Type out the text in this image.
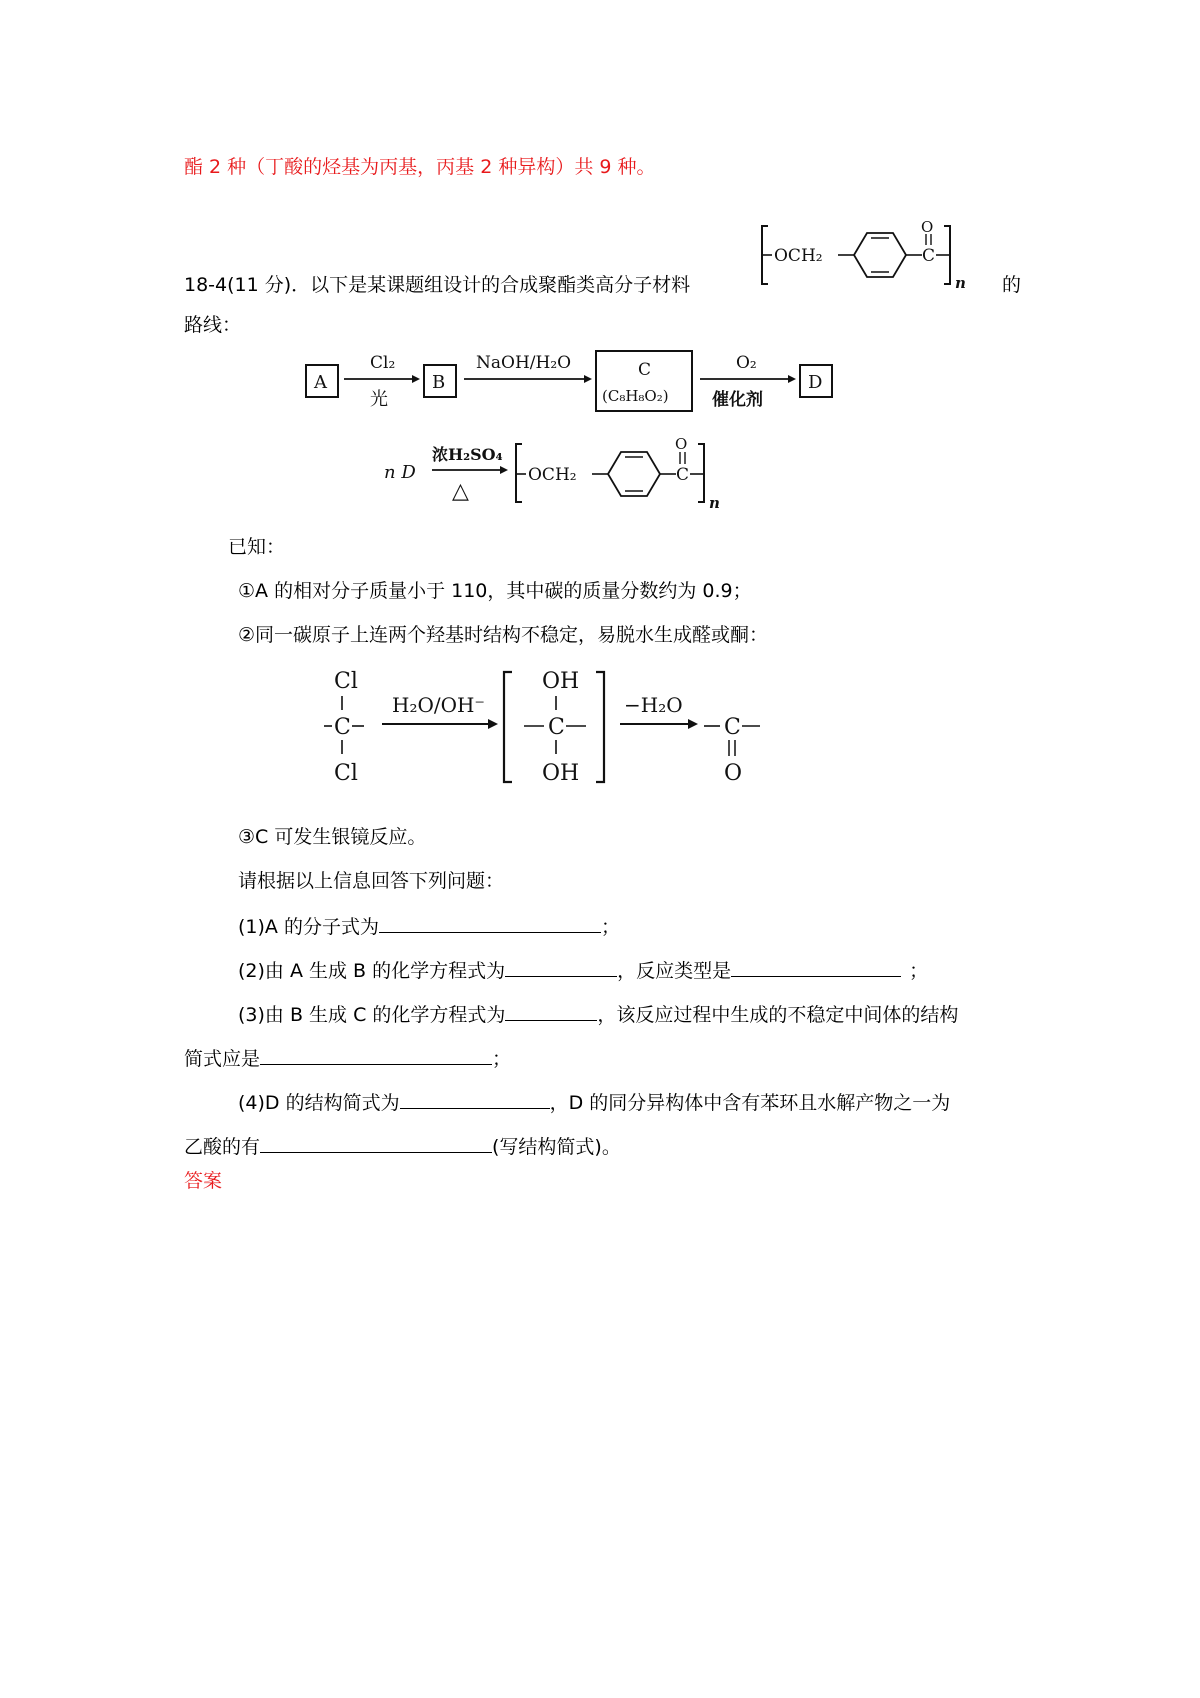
酯 2 种（丁酸的烃基为丙基，丙基 2 种异构）共 9 种。
18-4(11 分)．以下是某课题组设计的合成聚酯类高分子材料	的
路线：
OCH₂	C
O
n
A
Cl₂
光
B
NaOH/H₂O	C
(C₈H₈O₂)
O₂
催化剂
D
n D
浓H₂SO₄
△
OCH₂	C
O
n
已知：
①A 的相对分子质量小于 110，其中碳的质量分数约为 0.9；
②同一碳原子上连两个羟基时结构不稳定，易脱水生成醛或酮：
Cl
C
Cl
H₂O/OH⁻
OH
C
OH
−H₂O
C
O
③C 可发生银镜反应。
请根据以上信息回答下列问题：
(1)A 的分子式为	；
(2)由 A 生成 B 的化学方程式为	，反应类型是	；
(3)由 B 生成 C 的化学方程式为	，该反应过程中生成的不稳定中间体的结构
简式应是	；
(4)D 的结构简式为	，D 的同分异构体中含有苯环且水解产物之一为
乙酸的有	(写结构简式)。
答案
